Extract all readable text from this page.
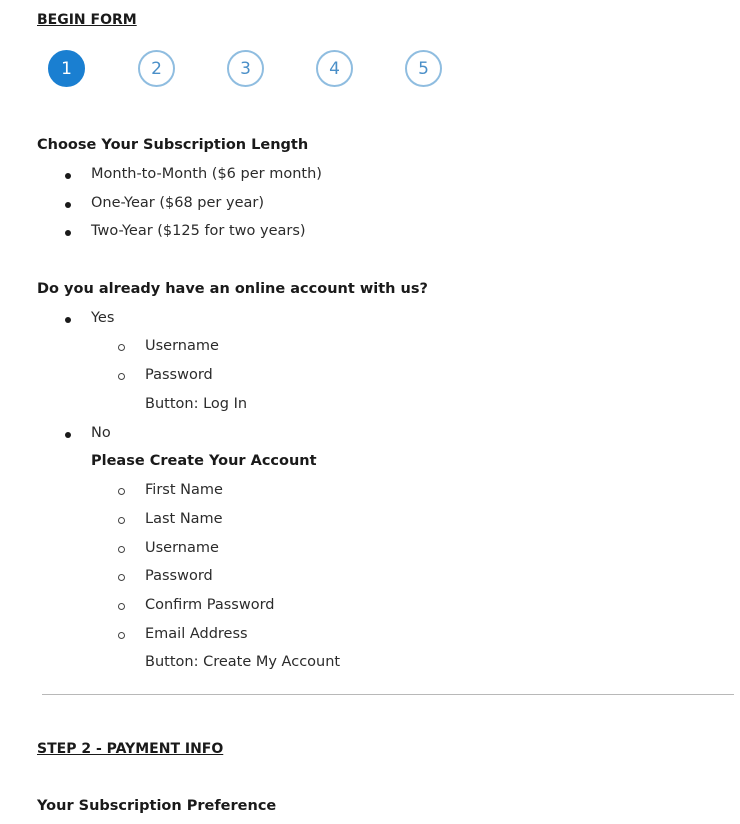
BEGIN FORM
1	2	3	4	5
Choose Your Subscription Length
Month-to-Month ($6 per month)
One-Year ($68 per year)
Two-Year ($125 for two years)
Do you already have an online account with us?
Yes
Username
Password
Button: Log In
No
Please Create Your Account
First Name
Last Name
Username
Password
Confirm Password
Email Address
Button: Create My Account
STEP 2 - PAYMENT INFO
Your Subscription Preference
